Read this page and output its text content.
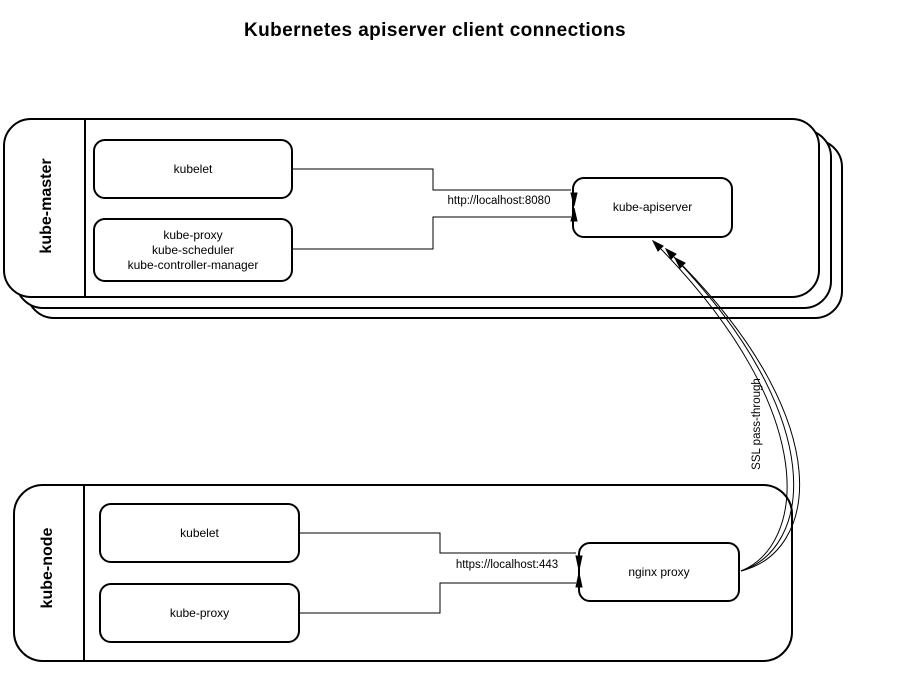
Kubernetes apiserver client connections
kube-master	kubelet
kube-proxy
kube-scheduler
kube-controller-manager
kube-apiserver
kube-node	kubelet
kube-proxy
nginx proxy
http://localhost:8080
https://localhost:443
SSL pass-through
